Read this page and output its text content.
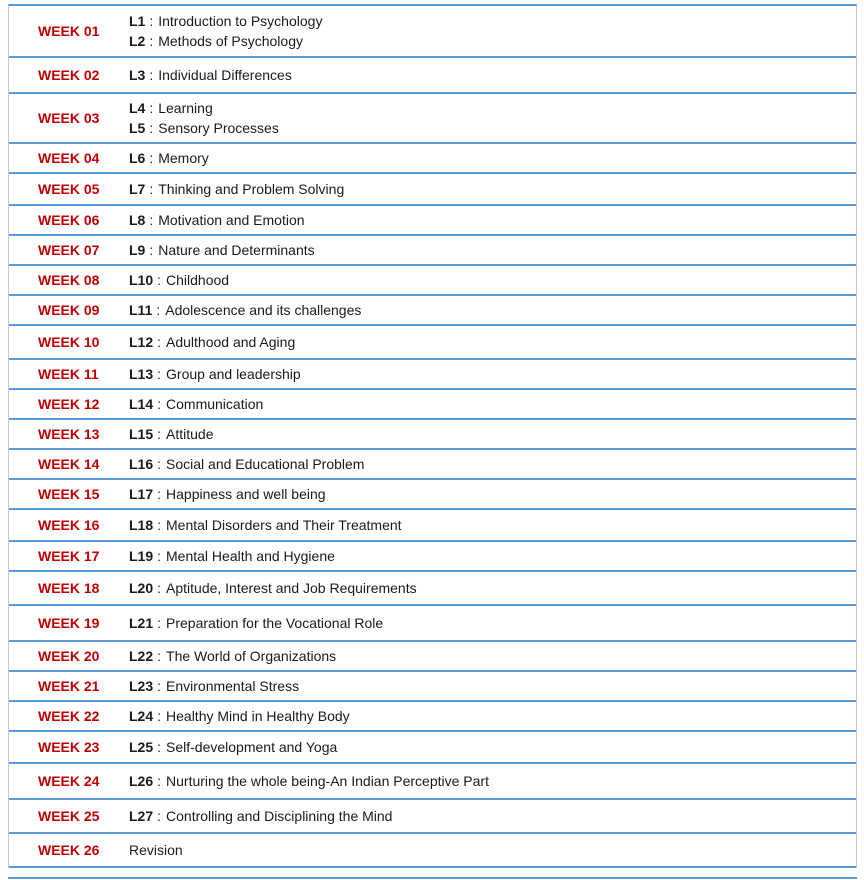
WEEK 01
L1 : Introduction to Psychology
L2 : Methods of Psychology
WEEK 02 L3 : Individual Differences
WEEK 03
L4 : Learning
L5 : Sensory Processes
WEEK 04 L6 : Memory
WEEK 05 L7 : Thinking and Problem Solving
WEEK 06 L8 : Motivation and Emotion
WEEK 07 L9 : Nature and Determinants
WEEK 08 L10 : Childhood
WEEK 09 L11 : Adolescence and its challenges
WEEK 10 L12 : Adulthood and Aging
WEEK 11 L13 : Group and leadership
WEEK 12 L14 : Communication
WEEK 13 L15 : Attitude
WEEK 14 L16 : Social and Educational Problem
WEEK 15 L17 : Happiness and well being
WEEK 16 L18 : Mental Disorders and Their Treatment
WEEK 17 L19 : Mental Health and Hygiene
WEEK 18 L20 : Aptitude, Interest and Job Requirements
WEEK 19 L21 : Preparation for the Vocational Role
WEEK 20 L22 : The World of Organizations
WEEK 21 L23 : Environmental Stress
WEEK 22 L24 : Healthy Mind in Healthy Body
WEEK 23 L25 : Self-development and Yoga
WEEK 24 L26 : Nurturing the whole being-An Indian Perceptive Part
WEEK 25 L27 : Controlling and Disciplining the Mind
WEEK 26 Revision
